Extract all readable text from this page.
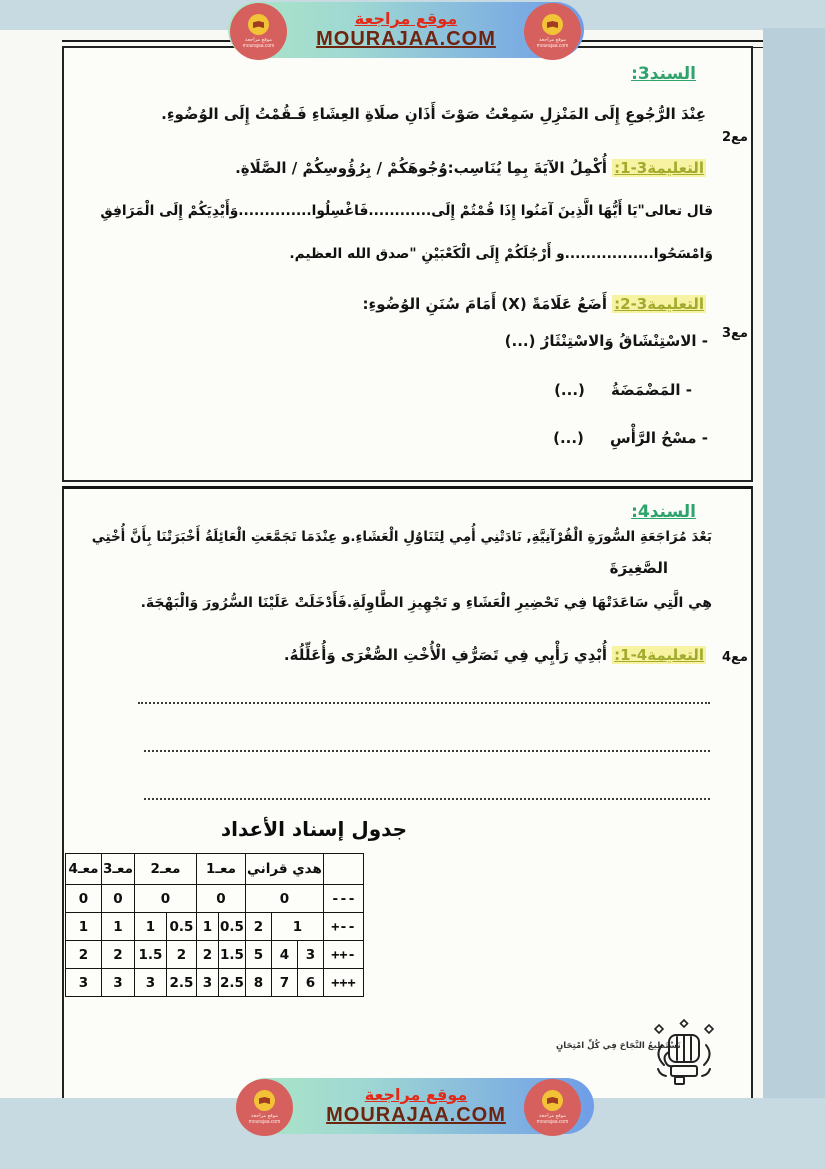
موقع مراجعة
MOURAJAA.COM
موقع مراجعة
mourajaa.com
موقع مراجعة
mourajaa.com
السند3:
عِنْدَ الرُّجُوعِ إِلَى المَنْزِلِ سَمِعْتُ صَوْتَ أَذَانِ صلَاةِ العِشَاءِ فَـقُمْتُ إِلَى الوُضُوءِ.
التعليمة3-1: أُكْمِلُ الآيَةَ بِمِا يُنَاسِب:وُجُوهَكُمْ / بِرُؤُوسِكُمْ / الصَّلَاةِ.
قال تعالى"يَا أَيُّهَا الَّذِينَ آمَنُوا إِذَا قُمْتُمْ إِلَى............فَاغْسِلُوا..............وَأَيْدِيَكُمْ إِلَى الْمَرَافِقِ
وَامْسَحُوا.................و أَرْجُلَكُمْ إِلَى الْكَعْبَيْنِ "صدق الله العظيم.
التعليمة3-2: أَضَعُ عَلَامَةً (X) أَمَامَ سُنَنِ الوُضُوءِ:
- الاسْتِنْشَاقُ وَالاسْتِنْثَارُ (...)
- المَضْمَضَةُ     (...)
- مسْحُ الرَّأْسِ     (...)
السند4:
بَعْدَ مُرَاجَعَةِ السُّورَةِ الْقُرْآنِيَّةِ, نَادَتْنِي أُمِي لِتَنَاوُلِ الْعَشَاءِ.و عِنْدَمَا تَجَمَّعَتِ الْعَائِلَةُ أَخْبَرَتْنَا بِأَنَّ أُخْتِي
الصَّغِيرَةَ
هِي الَّتِي سَاعَدَتْهَا فِي تَحْضِيرِ الْعَشَاءِ و تَجْهِيزِ الطَّاوِلَةِ.فَأَدْخَلَتْ عَلَيْنَا السُّرُورَ وَالْبَهْجَةَ.
التعليمة4-1: أُبْدِي رَأْيِي فِي تَصَرُّفِ الْأُخْتِ الصُّغْرَى وَأُعَلِّلُهُ.
جدول إسناد الأعداد
	هدي قراني			معـ1		معـ2		معـ3	معـ4
---	0			0		0		0	0
+--	1		2	0.5	1	0.5	1	1	1
++-	3	4	5	1.5	2	2	1.5	2	2
+++	6	7	8	2.5	3	2.5	3	3	3
نَسْتَطِيعُ النَّجَاحَ فِي كُلِّ امْتِحَانٍ
مع2
مع3
مع4
موقع مراجعة
MOURAJAA.COM
موقع مراجعة
mourajaa.com
موقع مراجعة
mourajaa.com
